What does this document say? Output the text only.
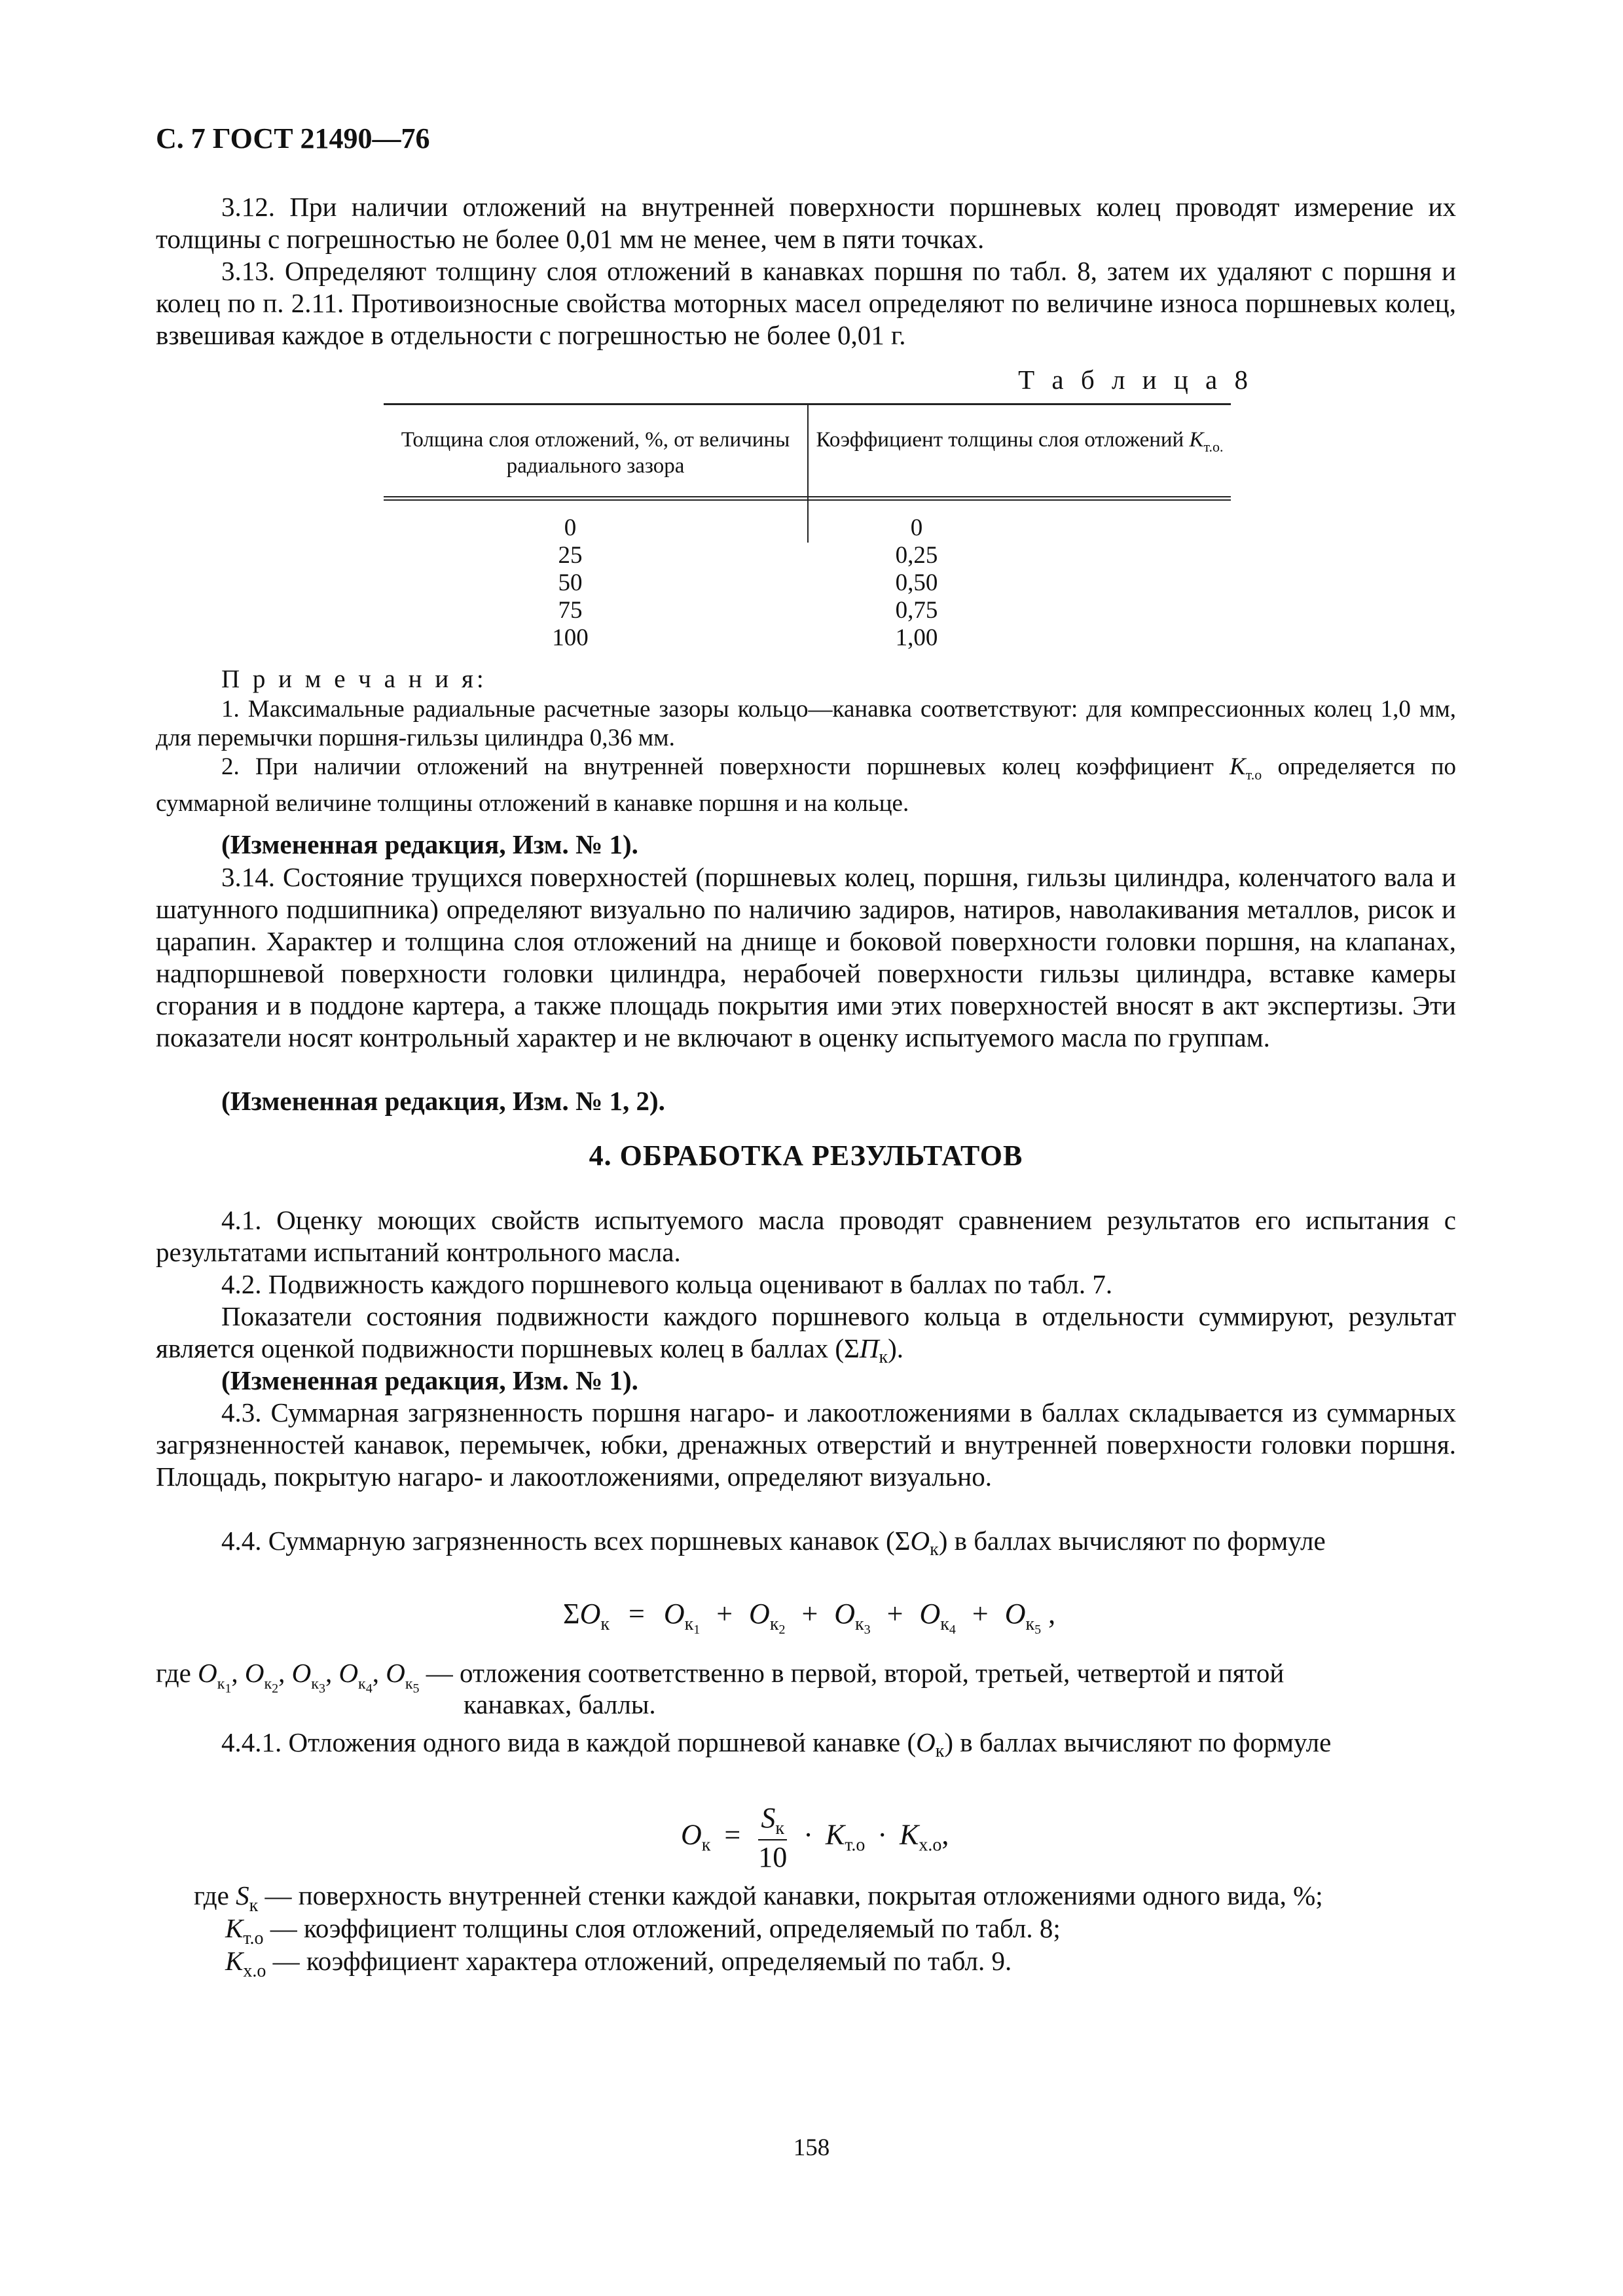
С. 7 ГОСТ 21490—76

3.12. При наличии отложений на внутренней поверхности поршневых колец проводят измерение их толщины с погрешностью не более 0,01 мм не менее, чем в пяти точках.

3.13. Определяют толщину слоя отложений в канавках поршня по табл. 8, затем их удаляют с поршня и колец по п. 2.11. Противоизносные свойства моторных масел определяют по величине износа поршневых колец, взвешивая каждое в отдельности с погрешностью не более 0,01 г.

Т а б л и ц а 8
Толщина слоя отложений, %, от величины радиального зазора
Коэффициент толщины слоя отложений $K_{т.о.}$
0
25
50
75
100
0
0,25
0,50
0,75
1,00
П р и м е ч а н и я:

1. Максимальные радиальные расчетные зазоры кольцо—канавка соответствуют: для компрессионных колец 1,0 мм, для перемычки поршня-гильзы цилиндра 0,36 мм.

2. При наличии отложений на внутренней поверхности поршневых колец коэффициент $K_{т.о}$ определяется по суммарной величине толщины отложений в канавке поршня и на кольце.

(Измененная редакция, Изм. № 1).

3.14. Состояние трущихся поверхностей (поршневых колец, поршня, гильзы цилиндра, коленчатого вала и шатунного подшипника) определяют визуально по наличию задиров, натиров, наволакивания металлов, рисок и царапин. Характер и толщина слоя отложений на днище и боковой поверхности головки поршня, на клапанах, надпоршневой поверхности головки цилиндра, нерабочей поверхности гильзы цилиндра, вставке камеры сгорания и в поддоне картера, а также площадь покрытия ими этих поверхностей вносят в акт экспертизы. Эти показатели носят контрольный характер и не включают в оценку испытуемого масла по группам.

(Измененная редакция, Изм. № 1, 2).
4. ОБРАБОТКА РЕЗУЛЬТАТОВ

4.1. Оценку моющих свойств испытуемого масла проводят сравнением результатов его испытания с результатами испытаний контрольного масла.

4.2. Подвижность каждого поршневого кольца оценивают в баллах по табл. 7.

Показатели состояния подвижности каждого поршневого кольца в отдельности суммируют, результат является оценкой подвижности поршневых колец в баллах $(\Sigma П_к)$.

(Измененная редакция, Изм. № 1).

4.3. Суммарная загрязненность поршня нагаро- и лакоотложениями в баллах складывается из суммарных загрязненностей канавок, перемычек, юбки, дренажных отверстий и внутренней поверхности головки поршня. Площадь, покрытую нагаро- и лакоотложениями, определяют визуально.

4.4. Суммарную загрязненность всех поршневых канавок $(\Sigma O_к)$ в баллах вычисляют по формуле

$\Sigma O_к = O_{к_1} + O_{к_2} + O_{к_3} + O_{к_4} + O_{к_5}$ ,
где $O_{к_1}$, $O_{к_2}$, $O_{к_3}$, $O_{к_4}$, $O_{к_5}$ — отложения соответственно в первой, второй, третьей, четвертой и пятой
канавках, баллы.

4.4.1. Отложения одного вида в каждой поршневой канавке $(O_к)$ в баллах вычисляют по формуле

$O_к = \frac{S_к}{10} \cdot K_{т.о} \cdot K_{х.о}$,
где $S_к$ — поверхность внутренней стенки каждой канавки, покрытая отложениями одного вида, %;
$K_{т.о}$ — коэффициент толщины слоя отложений, определяемый по табл. 8;
$K_{х.о}$ — коэффициент характера отложений, определяемый по табл. 9.
158
